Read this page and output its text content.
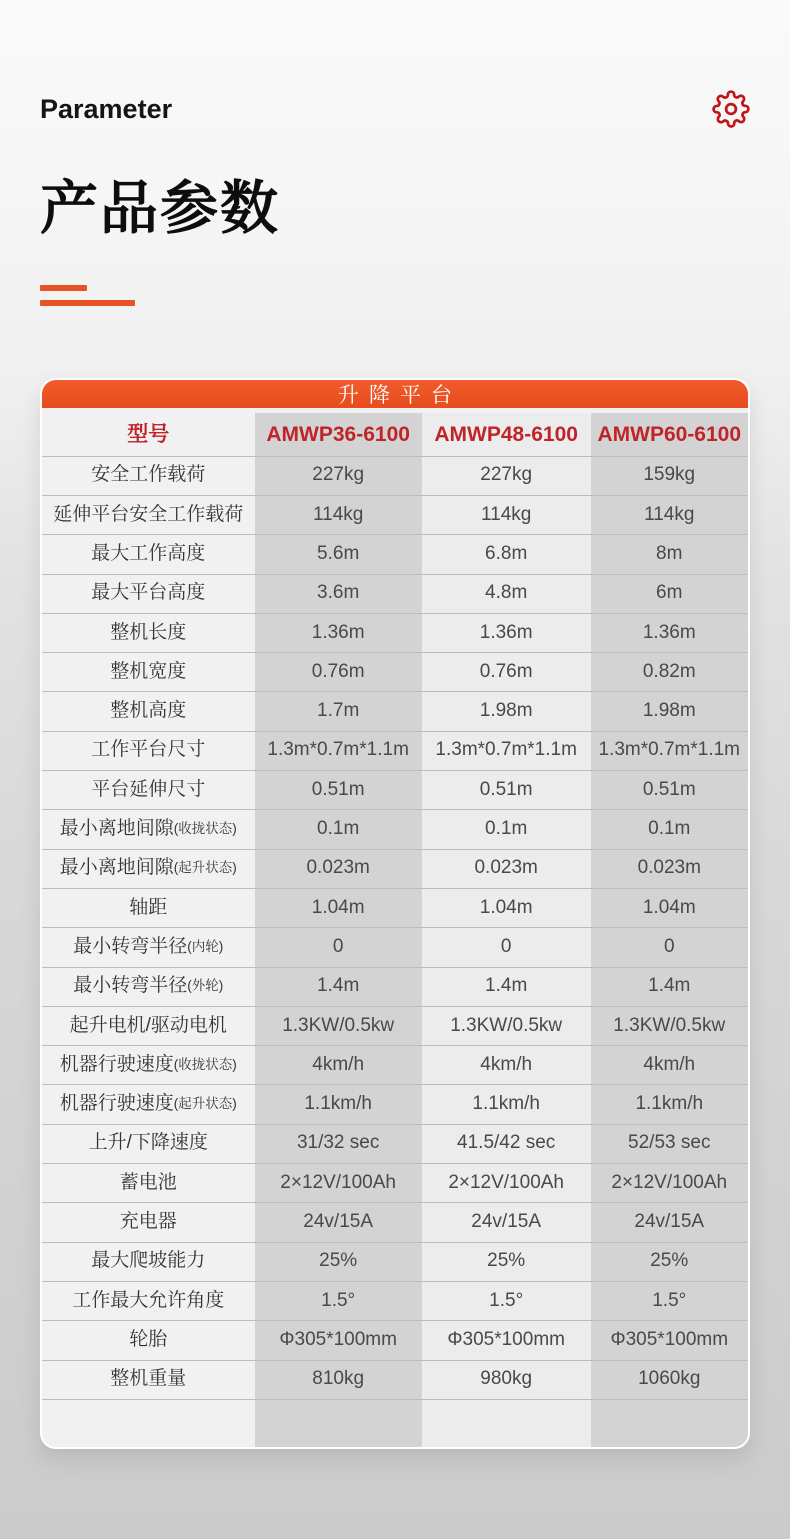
Parameter
产品参数
升降平台
型号	AMWP36-6100	AMWP48-6100 AMWP60-6100
安全工作载荷	227kg	227kg	159kg
延伸平台安全工作载荷	114kg	114kg	114kg
最大工作高度	5.6m	6.8m	8m
最大平台高度	3.6m	4.8m	6m
整机长度	1.36m	1.36m	1.36m
整机宽度	0.76m	0.76m	0.82m
整机高度	1.7m	1.98m	1.98m
工作平台尺寸	1.3m*0.7m*1.1m	1.3m*0.7m*1.1m	1.3m*0.7m*1.1m
平台延伸尺寸	0.51m	0.51m	0.51m
最小离地间隙 (收拢状态)	0.1m	0.1m	0.1m
最小离地间隙 (起升状态)	0.023m	0.023m	0.023m
轴距	1.04m	1.04m	1.04m
最小转弯半径 (内轮)	0	0	0
最小转弯半径 (外轮)	1.4m	1.4m	1.4m
起升电机/驱动电机	1.3KW/0.5kw	1.3KW/0.5kw	1.3KW/0.5kw
机器行驶速度 (收拢状态)	4km/h	4km/h	4km/h
机器行驶速度 (起升状态)	1.1km/h	1.1km/h	1.1km/h
上升/下降速度	31/32 sec	41.5/42 sec	52/53 sec
蓄电池	2×12V/100Ah	2×12V/100Ah	2×12V/100Ah
充电器	24v/15A	24v/15A	24v/15A
最大爬坡能力	25%	25%	25%
工作最大允许角度	1.5°	1.5°	1.5°
轮胎	Φ305*100mm	Φ305*100mm	Φ305*100mm
整机重量	810kg	980kg	1060kg
